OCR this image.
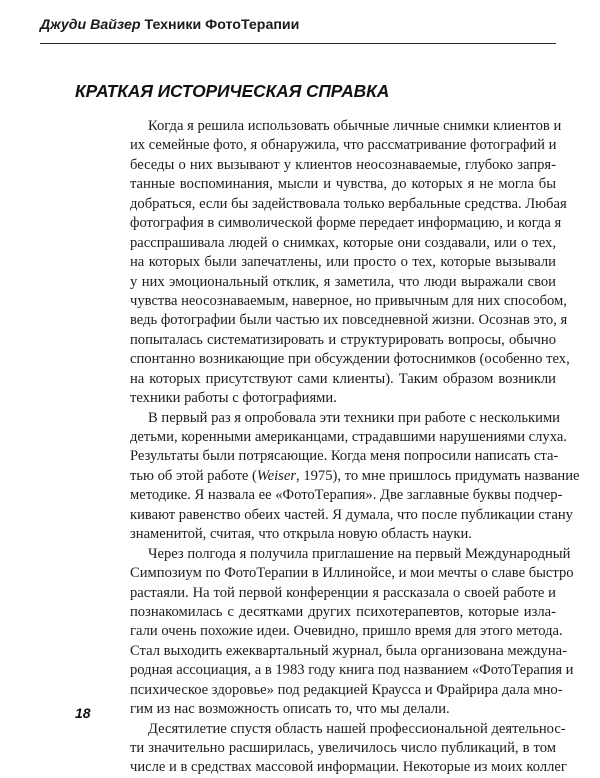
Джуди Вайзер Техники ФотоТерапии
КРАТКАЯ ИСТОРИЧЕСКАЯ СПРАВКА
Когда я решила использовать обычные личные снимки клиентов и
их семейные фото, я обнаружила, что рассматривание фотографий и
беседы о них вызывают у клиентов неосознаваемые, глубоко запря-
танные воспоминания, мысли и чувства, до которых я не могла бы
добраться, если бы задействовала только вербальные средства. Любая
фотография в символической форме передает информацию, и когда я
расспрашивала людей о снимках, которые они создавали, или о тех,
на которых были запечатлены, или просто о тех, которые вызывали
у них эмоциональный отклик, я заметила, что люди выражали свои
чувства неосознаваемым, наверное, но привычным для них способом,
ведь фотографии были частью их повседневной жизни. Осознав это, я
попыталась систематизировать и структурировать вопросы, обычно
спонтанно возникающие при обсуждении фотоснимков (особенно тех,
на которых присутствуют сами клиенты). Таким образом возникли
техники работы с фотографиями.
В первый раз я опробовала эти техники при работе с несколькими
детьми, коренными американцами, страдавшими нарушениями слуха.
Результаты были потрясающие. Когда меня попросили написать ста-
тью об этой работе (Weiser, 1975), то мне пришлось придумать название
методике. Я назвала ее «ФотоТерапия». Две заглавные буквы подчер-
кивают равенство обеих частей. Я думала, что после публикации стану
знаменитой, считая, что открыла новую область науки.
Через полгода я получила приглашение на первый Международный
Симпозиум по ФотоТерапии в Иллинойсе, и мои мечты о славе быстро
растаяли. На той первой конференции я рассказала о своей работе и
познакомилась с десятками других психотерапевтов, которые изла-
гали очень похожие идеи. Очевидно, пришло время для этого метода.
Стал выходить ежеквартальный журнал, была организована междуна-
родная ассоциация, а в 1983 году книга под названием «ФотоТерапия и
психическое здоровье» под редакцией Краусса и Фрайрира дала мно-
гим из нас возможность описать то, что мы делали.
Десятилетие спустя область нашей профессиональной деятельнос-
ти значительно расширилась, увеличилось число публикаций, в том
числе и в средствах массовой информации. Некоторые из моих коллег
18
